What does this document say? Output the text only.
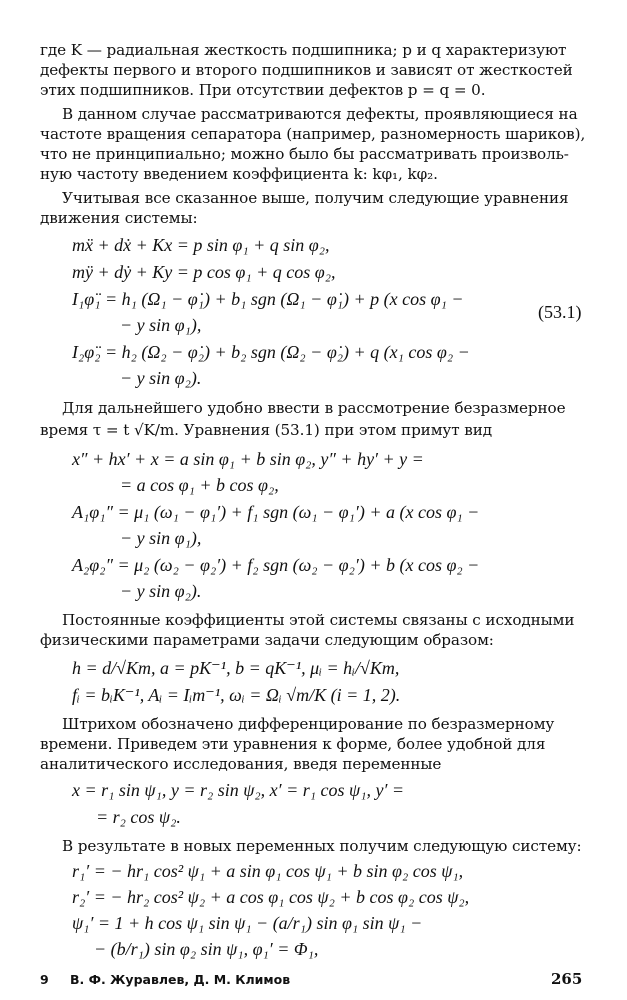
где K — радиальная жесткость подшипника; p и q характеризуют
дефекты первого и второго подшипников и зависят от жесткостей
этих подшипников. При отсутствии дефектов p = q = 0.
В данном случае рассматриваются дефекты, проявляющиеся на
частоте вращения сепаратора (например, разномерность шариков),
что не принципиально; можно было бы рассматривать произволь-
ную частоту введением коэффициента k: kφ₁, kφ₂.
Учитывая все сказанное выше, получим следующие уравнения
движения системы:
mẍ + dẋ + Kx = p sin φ₁ + q sin φ₂,
mÿ + dẏ + Ky = p cos φ₁ + q cos φ₂,
I₁φ̈₁ = h₁ (Ω₁ − φ̇₁) + b₁ sgn (Ω₁ − φ̇₁) + p (x cos φ₁ −
− y sin φ₁),
I₂φ̈₂ = h₂ (Ω₂ − φ̇₂) + b₂ sgn (Ω₂ − φ̇₂) + q (x₁ cos φ₂ −
− y sin φ₂).
(53.1)
Для дальнейшего удобно ввести в рассмотрение безразмерное
время τ = t √K/m. Уравнения (53.1) при этом примут вид
x″ + hx′ + x = a sin φ₁ + b sin φ₂, y″ + hy′ + y =
= a cos φ₁ + b cos φ₂,
A₁φ₁″ = μ₁ (ω₁ − φ₁′) + f₁ sgn (ω₁ − φ₁′) + a (x cos φ₁ −
− y sin φ₁),
A₂φ₂″ = μ₂ (ω₂ − φ₂′) + f₂ sgn (ω₂ − φ₂′) + b (x cos φ₂ −
− y sin φ₂).
Постоянные коэффициенты этой системы связаны с исходными
физическими параметрами задачи следующим образом:
h = d/√Km, a = pK⁻¹, b = qK⁻¹, μᵢ = hᵢ/√Km,
fᵢ = bᵢK⁻¹, Aᵢ = Iᵢm⁻¹, ωᵢ = Ωᵢ √m/K (i = 1, 2).
Штрихом обозначено дифференцирование по безразмерному
времени. Приведем эти уравнения к форме, более удобной для
аналитического исследования, введя переменные
x = r₁ sin ψ₁, y = r₂ sin ψ₂, x′ = r₁ cos ψ₁, y′ =
= r₂ cos ψ₂.
В результате в новых переменных получим следующую систему:
r₁′ = − hr₁ cos² ψ₁ + a sin φ₁ cos ψ₁ + b sin φ₂ cos ψ₁,
r₂′ = − hr₂ cos² ψ₂ + a cos φ₁ cos ψ₂ + b cos φ₂ cos ψ₂,
ψ₁′ = 1 + h cos ψ₁ sin ψ₁ − (a/r₁) sin φ₁ sin ψ₁ −
− (b/r₁) sin φ₂ sin ψ₁, φ₁′ = Φ₁,
9 В. Ф. Журавлев, Д. М. Климов	265
